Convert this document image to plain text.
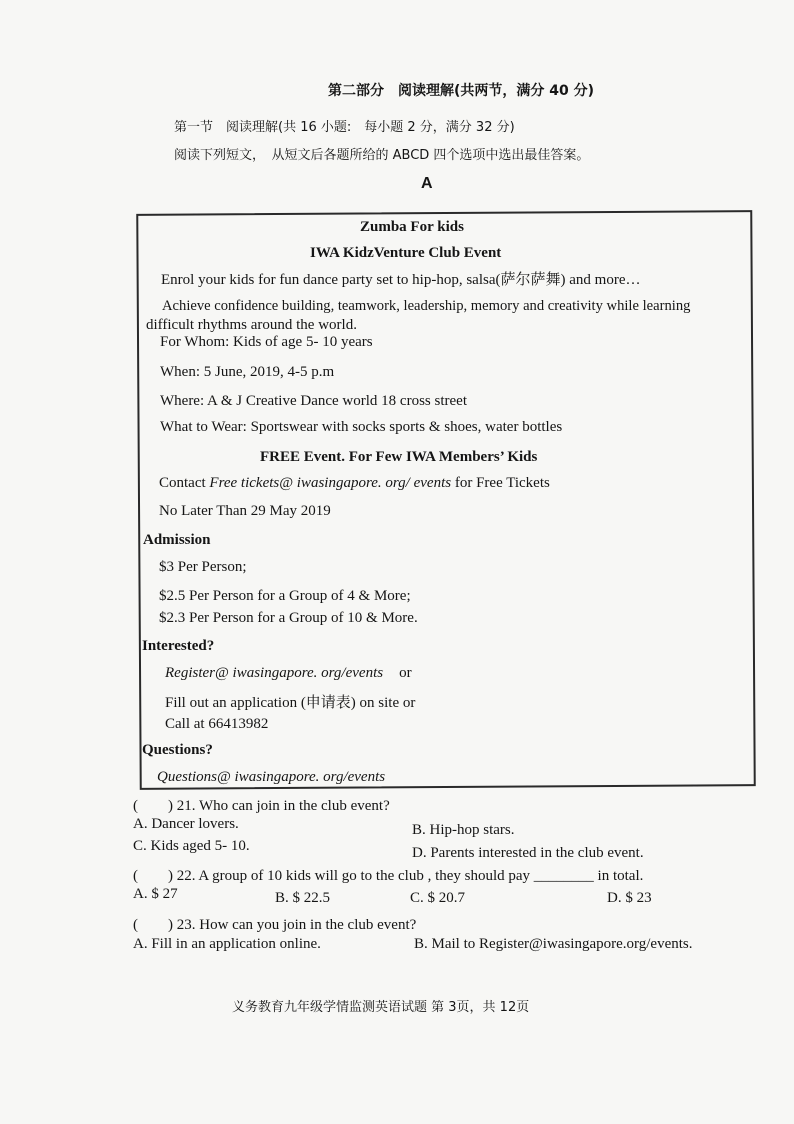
第二部分　阅读理解(共两节，满分 40 分)
第一节　阅读理解(共 16 小题:　每小题 2 分，满分 32 分)
阅读下列短文，　从短文后各题所给的 ABCD 四个选项中选出最佳答案。
A
Zumba For kids
IWA KidzVenture Club Event
Enrol your kids for fun dance party set to hip-hop, salsa(萨尔萨舞) and more…
Achieve confidence building, teamwork, leadership, memory and creativity while learning
difficult rhythms around the world.
For Whom: Kids of age 5- 10 years
When: 5 June, 2019, 4-5 p.m
Where: A & J Creative Dance world 18 cross street
What to Wear: Sportswear with socks sports & shoes, water bottles
FREE Event. For Few IWA Members’ Kids
Contact Free tickets@ iwasingapore. org/ events for Free Tickets
No Later Than 29 May 2019
Admission
$3 Per Person;
$2.5 Per Person for a Group of 4 & More;
$2.3 Per Person for a Group of 10 & More.
Interested?
Register@ iwasingapore. org/events or
Fill out an application (申请表) on site or
Call at 66413982
Questions?
Questions@ iwasingapore. org/events
(　　) 21. Who can join in the club event?
A. Dancer lovers.	B. Hip-hop stars.
C. Kids aged 5- 10.	D. Parents interested in the club event.
(　　) 22. A group of 10 kids will go to the club , they should pay ________ in total.
A. $ 27	B. $ 22.5	C. $ 20.7	D. $ 23
(　　) 23. How can you join in the club event?
A. Fill in an application online.	B. Mail to Register@iwasingapore.org/events.
义务教育九年级学情监测英语试题 第 3页，共 12页
